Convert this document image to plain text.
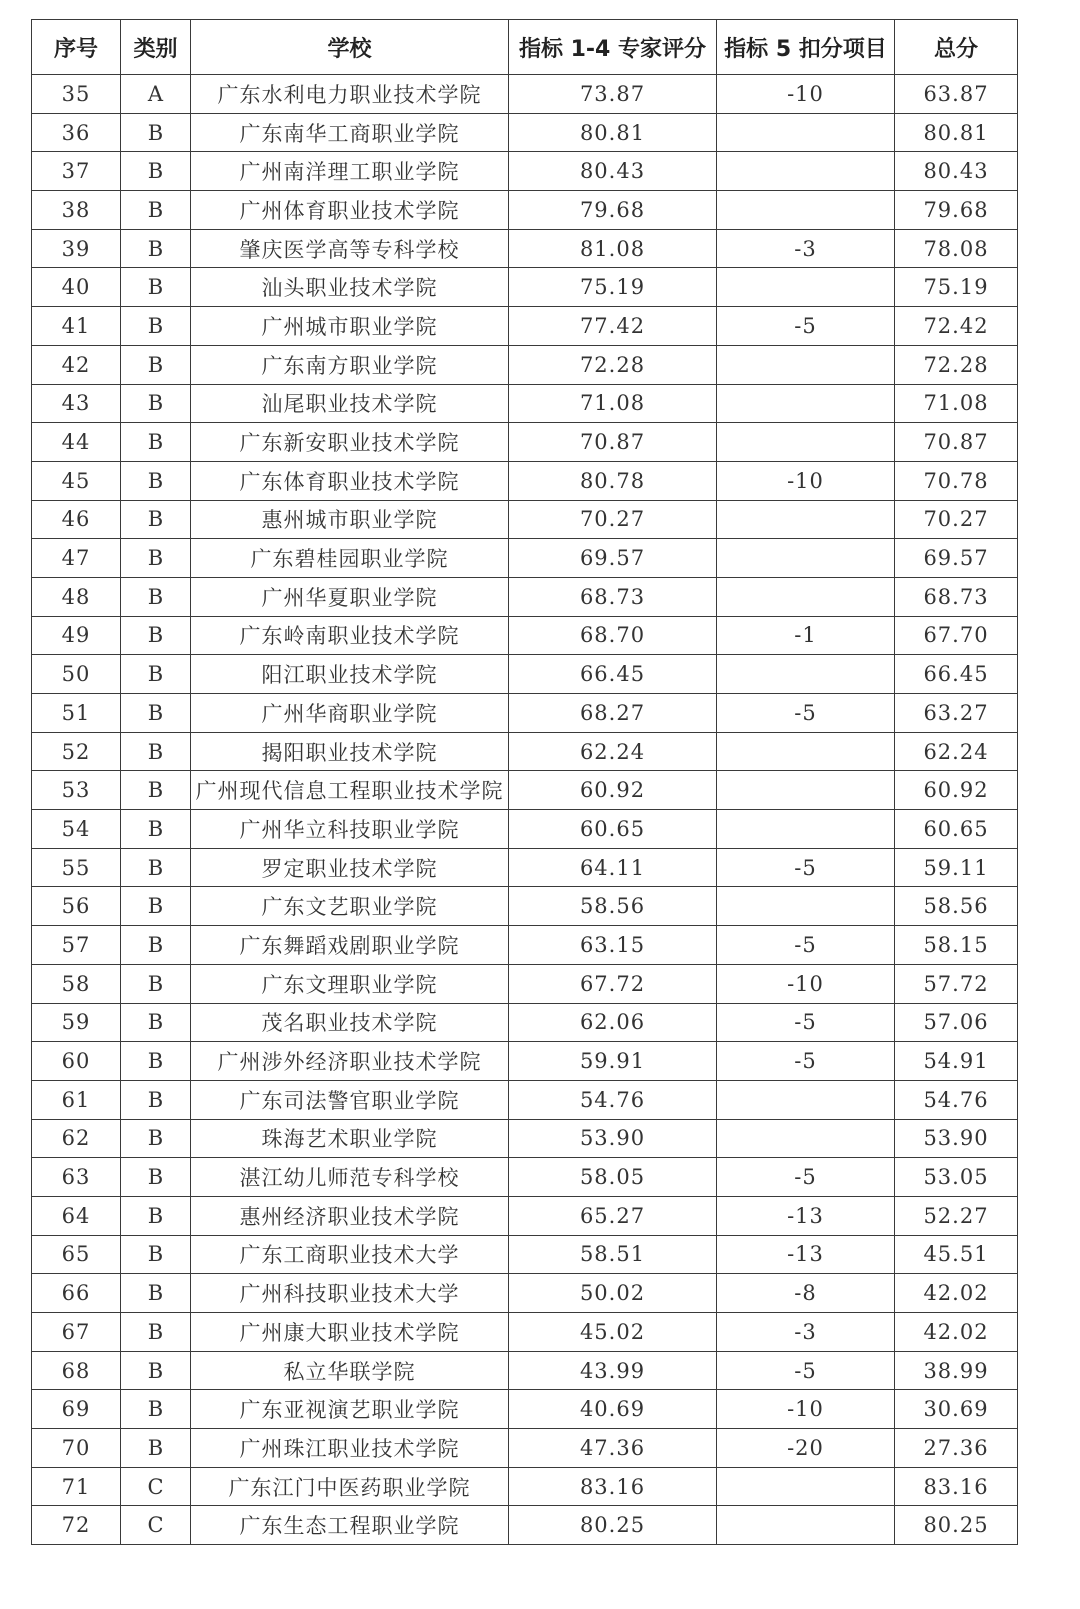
序号	类别	学校	指标 1-4 专家评分	指标 5 扣分项目	总分
35	A	广东水利电力职业技术学院	73.87	-10	63.87
36	B	广东南华工商职业学院	80.81		80.81
37	B	广州南洋理工职业学院	80.43		80.43
38	B	广州体育职业技术学院	79.68		79.68
39	B	肇庆医学高等专科学校	81.08	-3	78.08
40	B	汕头职业技术学院	75.19		75.19
41	B	广州城市职业学院	77.42	-5	72.42
42	B	广东南方职业学院	72.28		72.28
43	B	汕尾职业技术学院	71.08		71.08
44	B	广东新安职业技术学院	70.87		70.87
45	B	广东体育职业技术学院	80.78	-10	70.78
46	B	惠州城市职业学院	70.27		70.27
47	B	广东碧桂园职业学院	69.57		69.57
48	B	广州华夏职业学院	68.73		68.73
49	B	广东岭南职业技术学院	68.70	-1	67.70
50	B	阳江职业技术学院	66.45		66.45
51	B	广州华商职业学院	68.27	-5	63.27
52	B	揭阳职业技术学院	62.24		62.24
53	B	广州现代信息工程职业技术学院	60.92		60.92
54	B	广州华立科技职业学院	60.65		60.65
55	B	罗定职业技术学院	64.11	-5	59.11
56	B	广东文艺职业学院	58.56		58.56
57	B	广东舞蹈戏剧职业学院	63.15	-5	58.15
58	B	广东文理职业学院	67.72	-10	57.72
59	B	茂名职业技术学院	62.06	-5	57.06
60	B	广州涉外经济职业技术学院	59.91	-5	54.91
61	B	广东司法警官职业学院	54.76		54.76
62	B	珠海艺术职业学院	53.90		53.90
63	B	湛江幼儿师范专科学校	58.05	-5	53.05
64	B	惠州经济职业技术学院	65.27	-13	52.27
65	B	广东工商职业技术大学	58.51	-13	45.51
66	B	广州科技职业技术大学	50.02	-8	42.02
67	B	广州康大职业技术学院	45.02	-3	42.02
68	B	私立华联学院	43.99	-5	38.99
69	B	广东亚视演艺职业学院	40.69	-10	30.69
70	B	广州珠江职业技术学院	47.36	-20	27.36
71	C	广东江门中医药职业学院	83.16		83.16
72	C	广东生态工程职业学院	80.25		80.25
